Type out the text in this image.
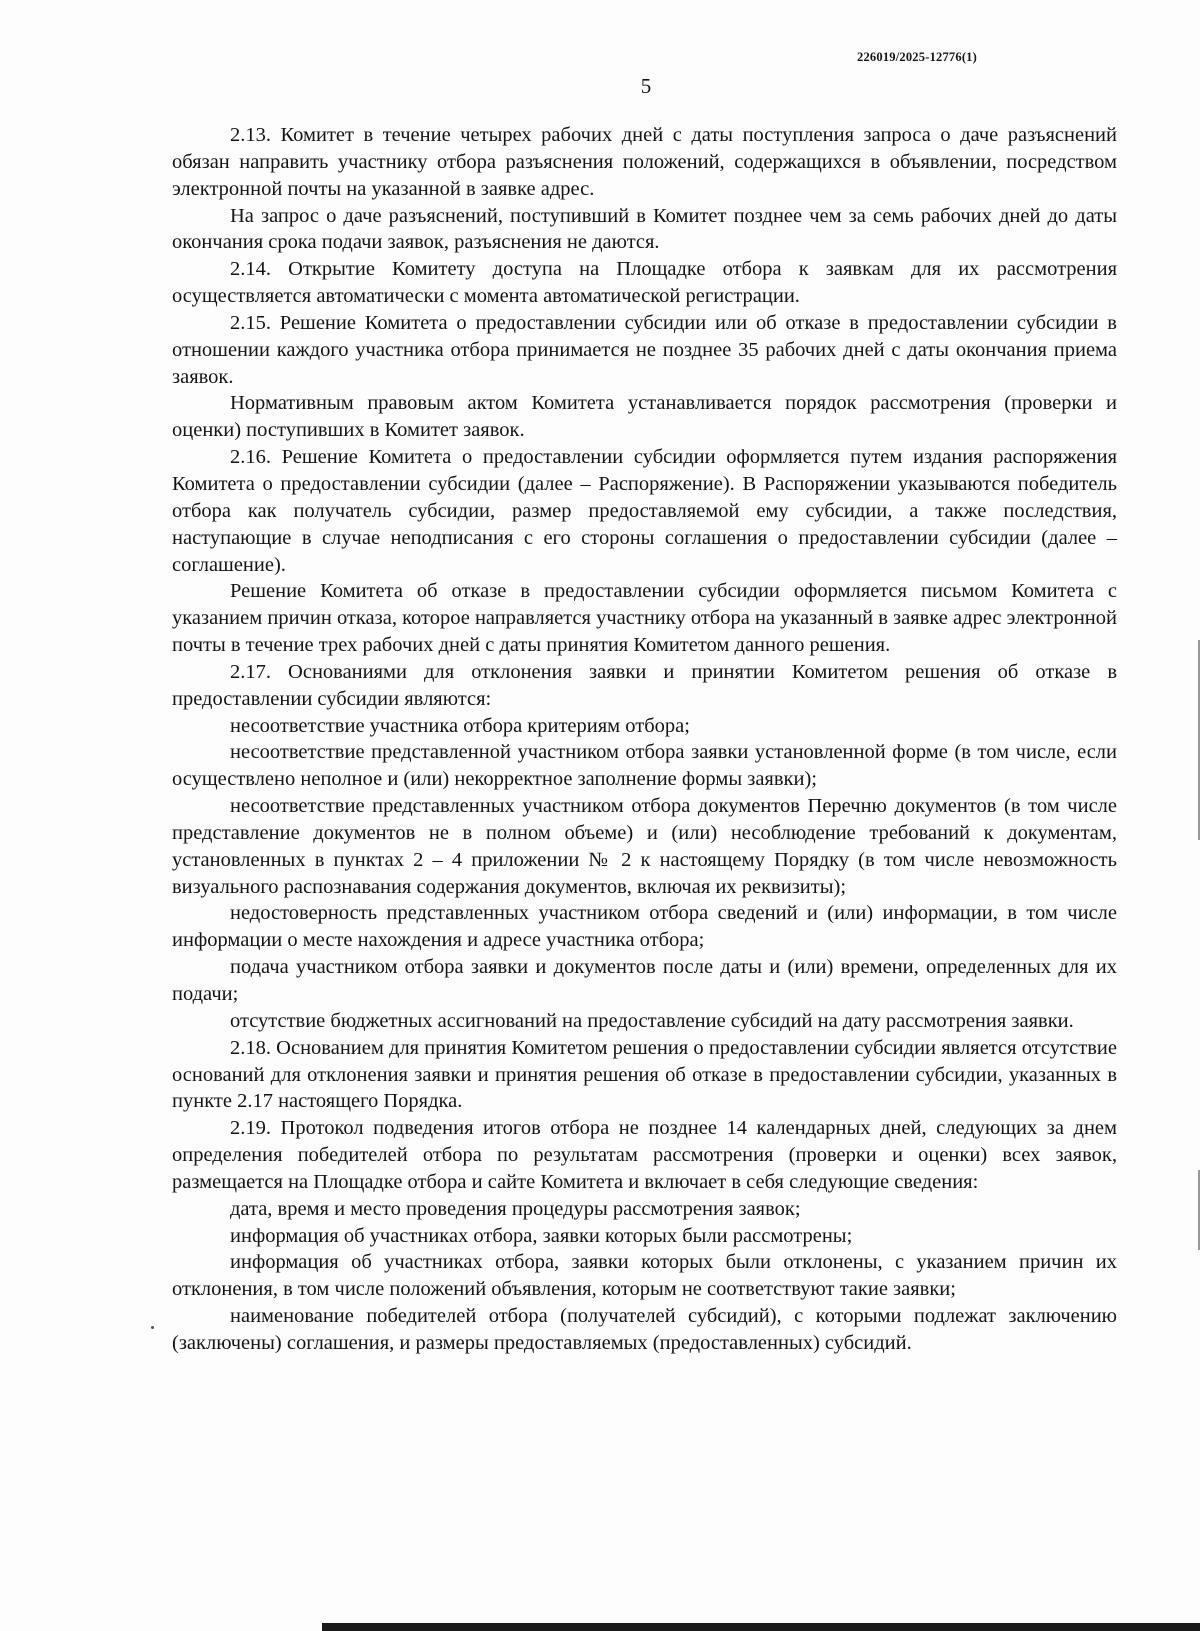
226019/2025-12776(1)
5

2.13. Комитет в течение четырех рабочих дней с даты поступления запроса о даче разъяснений обязан направить участнику отбора разъяснения положений, содержащихся в объявлении, посредством электронной почты на указанной в заявке адрес.

На запрос о даче разъяснений, поступивший в Комитет позднее чем за семь рабочих дней до даты окончания срока подачи заявок, разъяснения не даются.

2.14. Открытие Комитету доступа на Площадке отбора к заявкам для их рассмотрения осуществляется автоматически с момента автоматической регистрации.

2.15. Решение Комитета о предоставлении субсидии или об отказе в предоставлении субсидии в отношении каждого участника отбора принимается не позднее 35 рабочих дней с даты окончания приема заявок.

Нормативным правовым актом Комитета устанавливается порядок рассмотрения (проверки и оценки) поступивших в Комитет заявок.

2.16. Решение Комитета о предоставлении субсидии оформляется путем издания распоряжения Комитета о предоставлении субсидии (далее – Распоряжение). В Распоряжении указываются победитель отбора как получатель субсидии, размер предоставляемой ему субсидии, а также последствия, наступающие в случае неподписания с его стороны соглашения о предоставлении субсидии (далее – соглашение).

Решение Комитета об отказе в предоставлении субсидии оформляется письмом Комитета с указанием причин отказа, которое направляется участнику отбора на указанный в заявке адрес электронной почты в течение трех рабочих дней с даты принятия Комитетом данного решения.

2.17. Основаниями для отклонения заявки и принятии Комитетом решения об отказе в предоставлении субсидии являются:

несоответствие участника отбора критериям отбора;

несоответствие представленной участником отбора заявки установленной форме (в том числе, если осуществлено неполное и (или) некорректное заполнение формы заявки);

несоответствие представленных участником отбора документов Перечню документов (в том числе представление документов не в полном объеме) и (или) несоблюдение требований к документам, установленных в пунктах 2 – 4 приложении № 2 к настоящему Порядку (в том числе невозможность визуального распознавания содержания документов, включая их реквизиты);

недостоверность представленных участником отбора сведений и (или) информации, в том числе информации о месте нахождения и адресе участника отбора;

подача участником отбора заявки и документов после даты и (или) времени, определенных для их подачи;

отсутствие бюджетных ассигнований на предоставление субсидий на дату рассмотрения заявки.

2.18. Основанием для принятия Комитетом решения о предоставлении субсидии является отсутствие оснований для отклонения заявки и принятия решения об отказе в предоставлении субсидии, указанных в пункте 2.17 настоящего Порядка.

2.19. Протокол подведения итогов отбора не позднее 14 календарных дней, следующих за днем определения победителей отбора по результатам рассмотрения (проверки и оценки) всех заявок, размещается на Площадке отбора и сайте Комитета и включает в себя следующие сведения:

дата, время и место проведения процедуры рассмотрения заявок;

информация об участниках отбора, заявки которых были рассмотрены;

информация об участниках отбора, заявки которых были отклонены, с указанием причин их отклонения, в том числе положений объявления, которым не соответствуют такие заявки;

наименование победителей отбора (получателей субсидий), с которыми подлежат заключению (заключены) соглашения, и размеры предоставляемых (предоставленных) субсидий.
